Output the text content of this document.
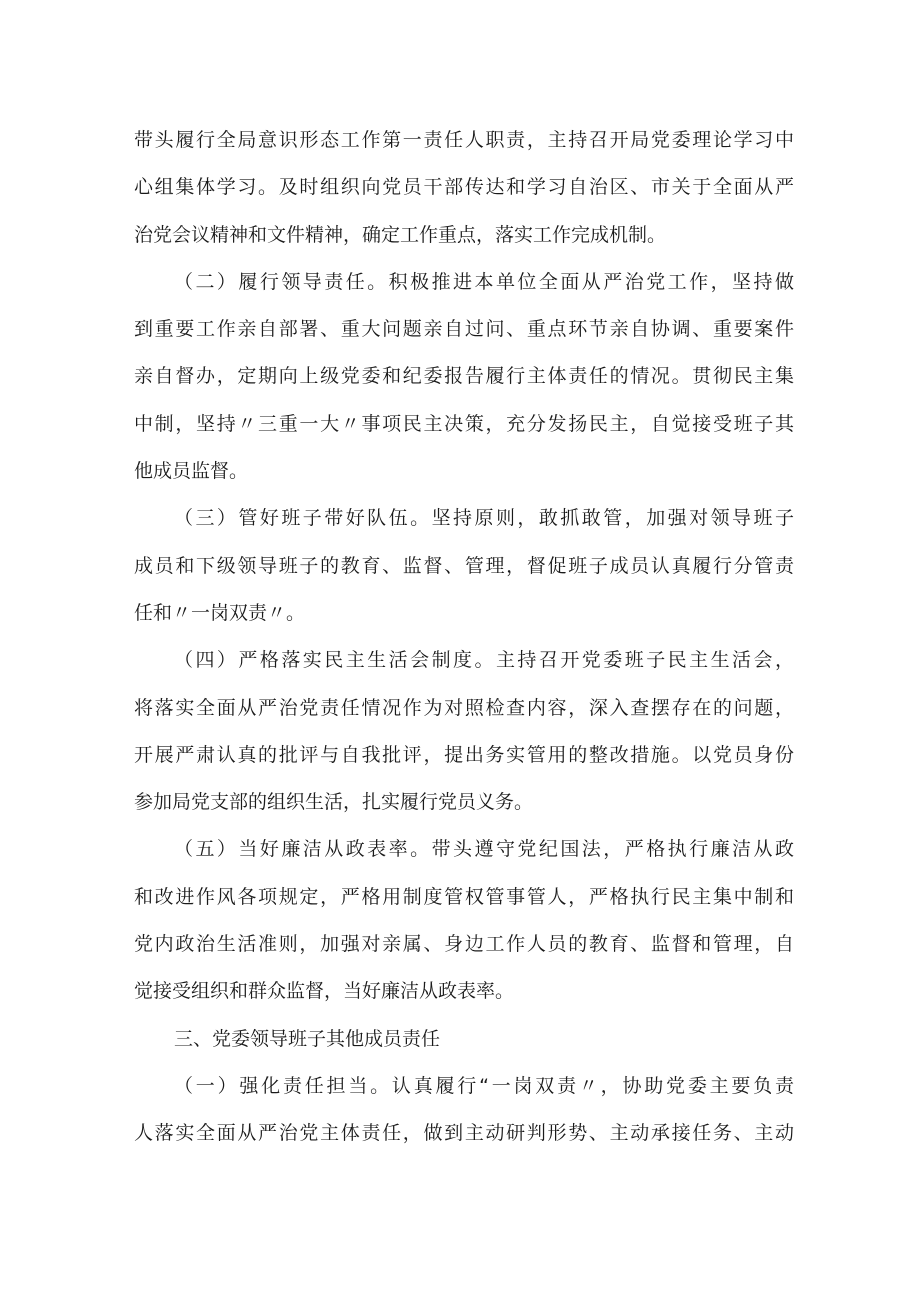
带头履行全局意识形态工作第一责任人职责，主持召开局党委理论学习中
心组集体学习。及时组织向党员干部传达和学习自治区、市关于全面从严
治党会议精神和文件精神，确定工作重点，落实工作完成机制。
（二）履行领导责任。积极推进本单位全面从严治党工作，坚持做
到重要工作亲自部署、重大问题亲自过问、重点环节亲自协调、重要案件
亲自督办，定期向上级党委和纪委报告履行主体责任的情况。贯彻民主集
中制，坚持〃三重一大〃事项民主决策，充分发扬民主，自觉接受班子其
他成员监督。
（三）管好班子带好队伍。坚持原则，敢抓敢管，加强对领导班子
成员和下级领导班子的教育、监督、管理，督促班子成员认真履行分管责
任和〃一岗双责〃。
（四）严格落实民主生活会制度。主持召开党委班子民主生活会，
将落实全面从严治党责任情况作为对照检查内容，深入查摆存在的问题，
开展严肃认真的批评与自我批评，提出务实管用的整改措施。以党员身份
参加局党支部的组织生活，扎实履行党员义务。
（五）当好廉洁从政表率。带头遵守党纪国法，严格执行廉洁从政
和改进作风各项规定，严格用制度管权管事管人，严格执行民主集中制和
党内政治生活准则，加强对亲属、身边工作人员的教育、监督和管理，自
觉接受组织和群众监督，当好廉洁从政表率。
三、党委领导班子其他成员责任
（一）强化责任担当。认真履行“一岗双责〃，协助党委主要负责
人落实全面从严治党主体责任，做到主动研判形势、主动承接任务、主动
